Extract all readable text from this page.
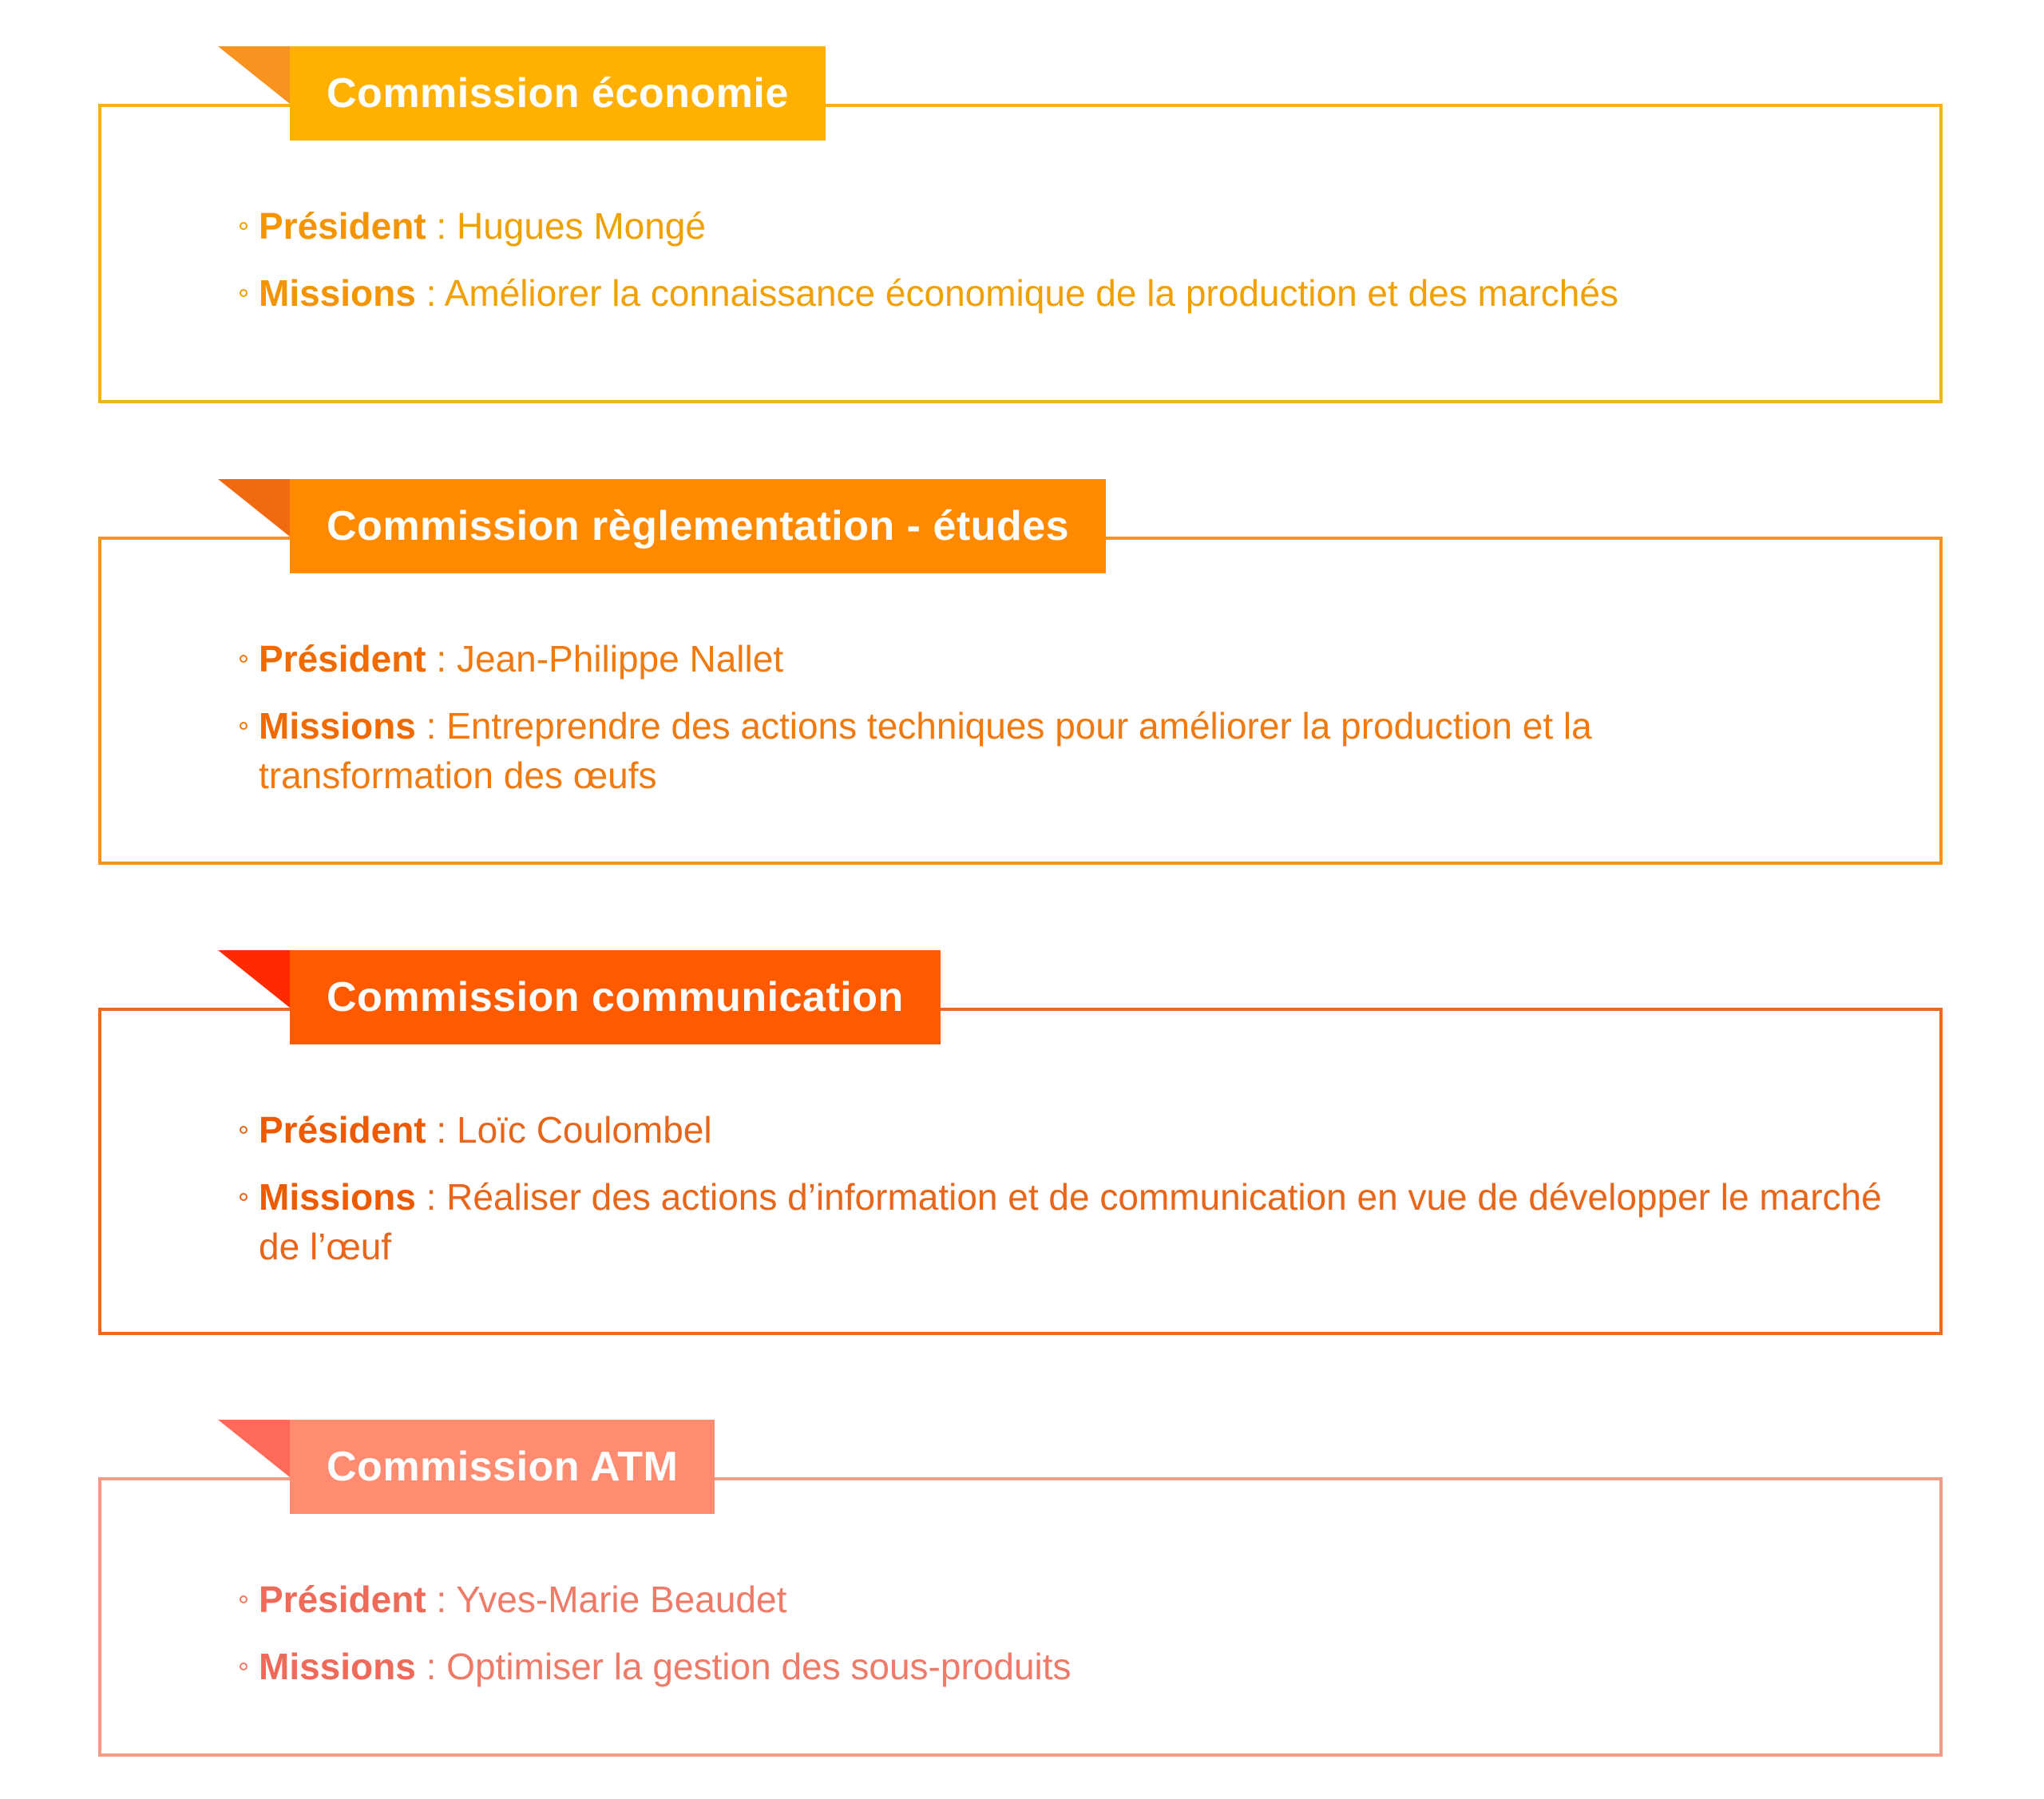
Commission économie
Président : Hugues Mongé
Missions : Améliorer la connaissance économique de la production et des marchés
Commission règlementation - études
Président : Jean-Philippe Nallet
Missions : Entreprendre des actions techniques pour améliorer la production et la transformation des œufs
Commission communication
Président : Loïc Coulombel
Missions : Réaliser des actions d’information et de communication en vue de développer le marché de l’œuf
Commission ATM
Président : Yves-Marie Beaudet
Missions : Optimiser la gestion des sous-produits
